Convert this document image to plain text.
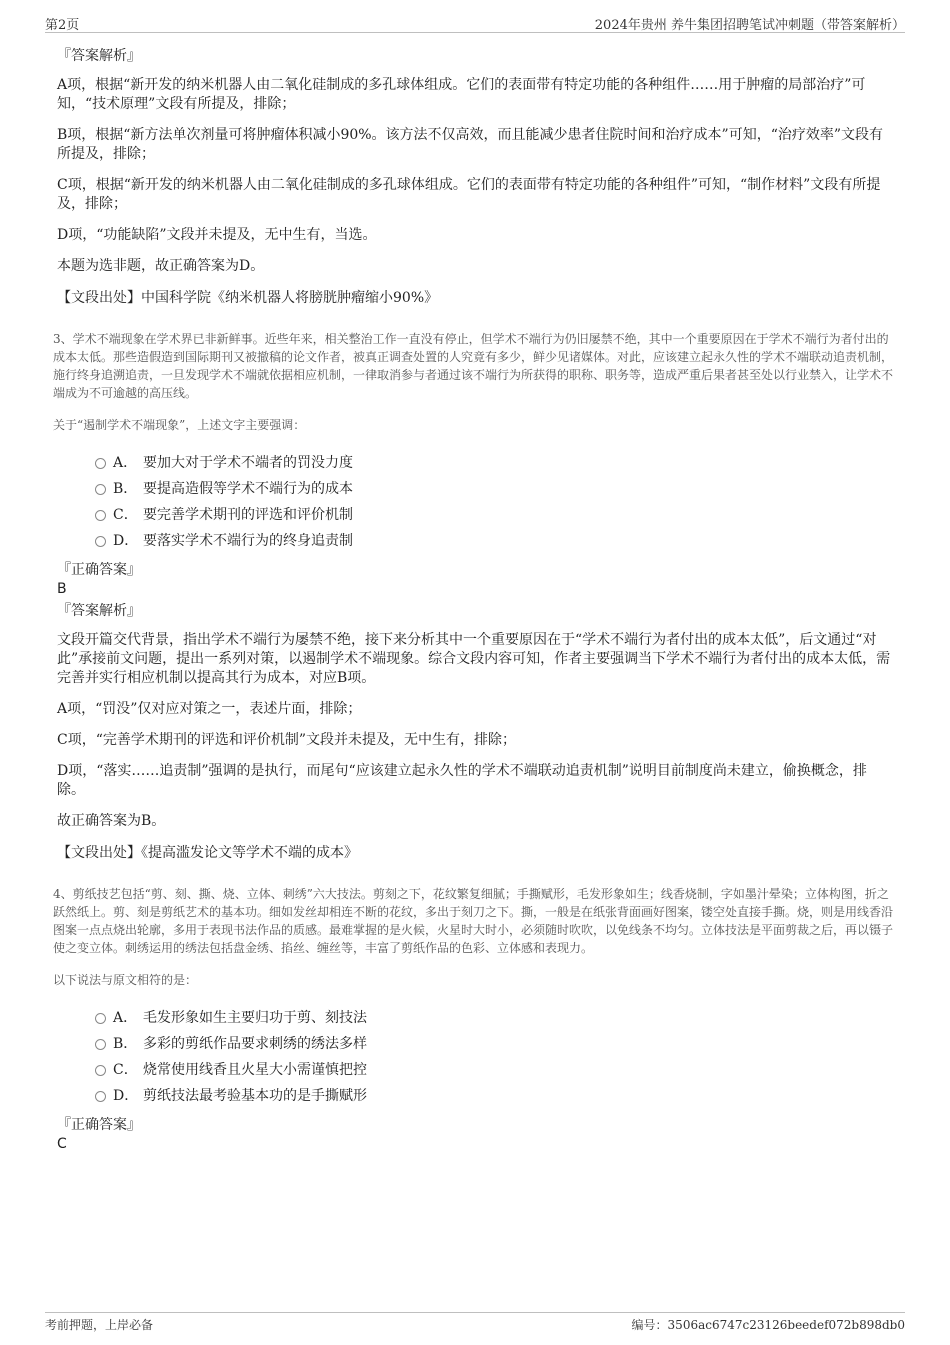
第2页	2024年贵州 养牛集团招聘笔试冲刺题（带答案解析）

『答案解析』

A项，根据“新开发的纳米机器人由二氧化硅制成的多孔球体组成。它们的表面带有特定功能的各种组件……用于肿瘤的局部治疗”可知，“技术原理”文段有所提及，排除；

B项，根据“新方法单次剂量可将肿瘤体积减小90%。该方法不仅高效，而且能减少患者住院时间和治疗成本”可知，“治疗效率”文段有所提及，排除；

C项，根据“新开发的纳米机器人由二氧化硅制成的多孔球体组成。它们的表面带有特定功能的各种组件”可知，“制作材料”文段有所提及，排除；

D项，“功能缺陷”文段并未提及，无中生有，当选。

本题为选非题，故正确答案为D。

【文段出处】中国科学院《纳米机器人将膀胱肿瘤缩小90%》

3、学术不端现象在学术界已非新鲜事。近些年来，相关整治工作一直没有停止，但学术不端行为仍旧屡禁不绝，其中一个重要原因在于学术不端行为者付出的成本太低。那些造假造到国际期刊又被撤稿的论文作者，被真正调查处置的人究竟有多少，鲜少见诸媒体。对此，应该建立起永久性的学术不端联动追责机制，施行终身追溯追责，一旦发现学术不端就依据相应机制，一律取消参与者通过该不端行为所获得的职称、职务等，造成严重后果者甚至处以行业禁入，让学术不端成为不可逾越的高压线。

关于“遏制学术不端现象”，上述文字主要强调：

A． 要加大对于学术不端者的罚没力度
B． 要提高造假等学术不端行为的成本
C． 要完善学术期刊的评选和评价机制
D． 要落实学术不端行为的终身追责制

『正确答案』

B

『答案解析』

文段开篇交代背景，指出学术不端行为屡禁不绝，接下来分析其中一个重要原因在于“学术不端行为者付出的成本太低”，后文通过“对此”承接前文问题，提出一系列对策，以遏制学术不端现象。综合文段内容可知，作者主要强调当下学术不端行为者付出的成本太低，需完善并实行相应机制以提高其行为成本，对应B项。

A项，“罚没”仅对应对策之一，表述片面，排除；

C项，“完善学术期刊的评选和评价机制”文段并未提及，无中生有，排除；

D项，“落实……追责制”强调的是执行，而尾句“应该建立起永久性的学术不端联动追责机制”说明目前制度尚未建立，偷换概念，排除。

故正确答案为B。

【文段出处】《提高滥发论文等学术不端的成本》

4、剪纸技艺包括“剪、刻、撕、烧、立体、刺绣”六大技法。剪刻之下，花纹繁复细腻；手撕赋形，毛发形象如生；线香烧制，字如墨汁晕染；立体构图，折之跃然纸上。剪、刻是剪纸艺术的基本功。细如发丝却相连不断的花纹，多出于刻刀之下。撕，一般是在纸张背面画好图案，镂空处直接手撕。烧，则是用线香沿图案一点点烧出轮廓，多用于表现书法作品的质感。最难掌握的是火候，火星时大时小，必须随时吹吹，以免线条不均匀。立体技法是平面剪裁之后，再以镊子使之变立体。刺绣运用的绣法包括盘金绣、掐丝、缠丝等，丰富了剪纸作品的色彩、立体感和表现力。

以下说法与原文相符的是：

A． 毛发形象如生主要归功于剪、刻技法
B． 多彩的剪纸作品要求刺绣的绣法多样
C． 烧常使用线香且火星大小需谨慎把控
D． 剪纸技法最考验基本功的是手撕赋形

『正确答案』

C

考前押题，上岸必备	编号：3506ac6747c23126beedef072b898db0
